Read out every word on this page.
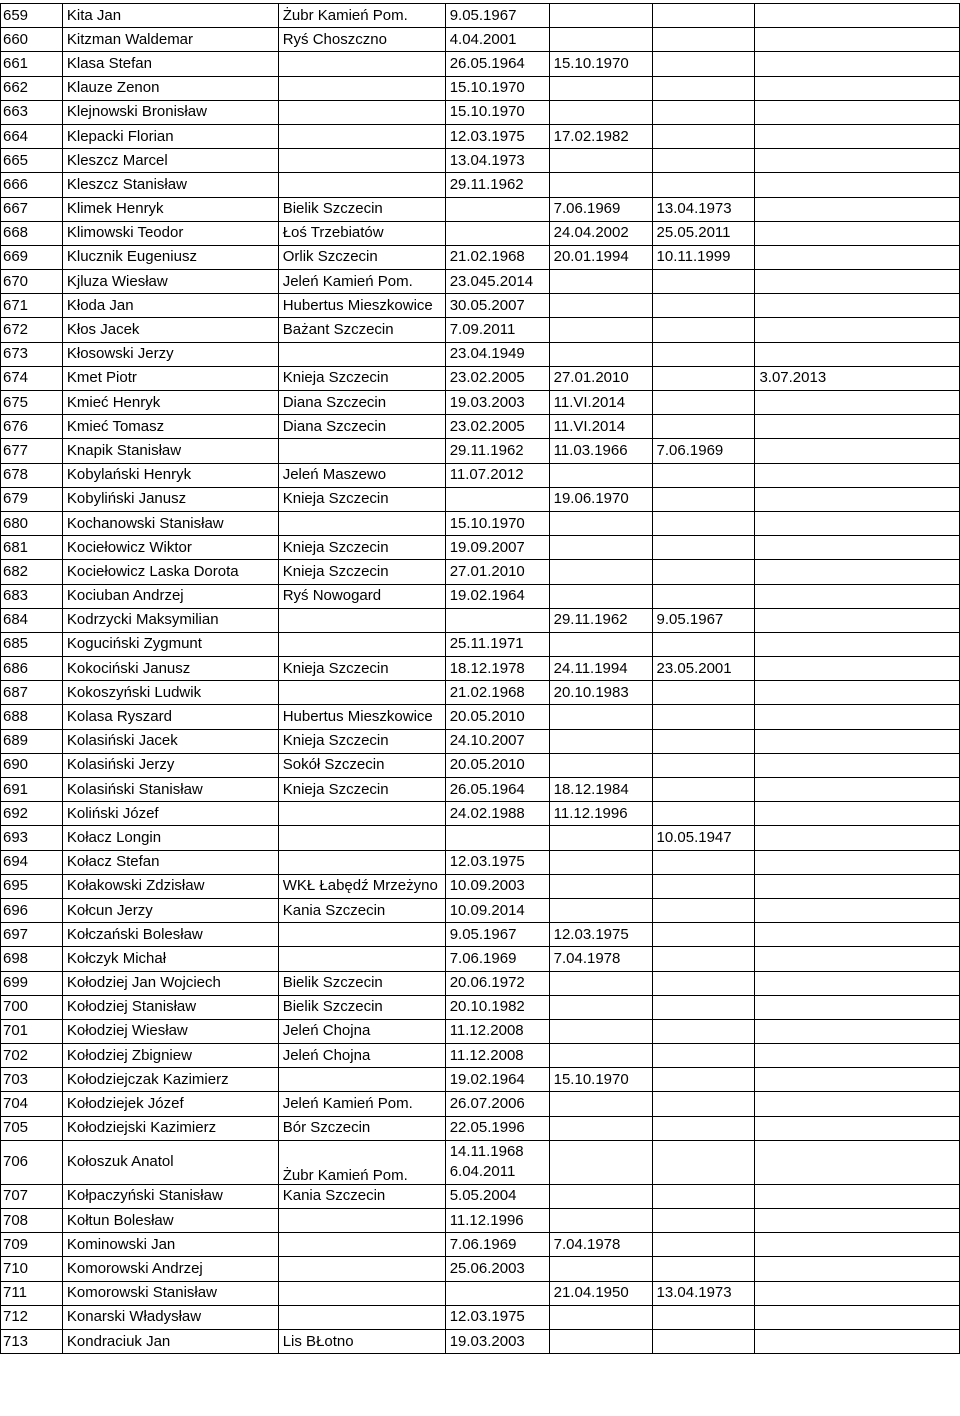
659	Kita Jan	Żubr Kamień Pom.	9.05.1967			
660	Kitzman Waldemar	Ryś Choszczno	4.04.2001			
661	Klasa Stefan		26.05.1964	15.10.1970		
662	Klauze Zenon		15.10.1970			
663	Klejnowski Bronisław		15.10.1970			
664	Klepacki Florian		12.03.1975	17.02.1982		
665	Kleszcz Marcel		13.04.1973			
666	Kleszcz Stanisław		29.11.1962			
667	Klimek Henryk	Bielik Szczecin		7.06.1969	13.04.1973	
668	Klimowski Teodor	Łoś Trzebiatów		24.04.2002	25.05.2011	
669	Klucznik Eugeniusz	Orlik Szczecin	21.02.1968	20.01.1994	10.11.1999	
670	Kjluza Wiesław	Jeleń Kamień Pom.	23.045.2014			
671	Kłoda Jan	Hubertus Mieszkowice	30.05.2007			
672	Kłos Jacek	Bażant Szczecin	7.09.2011			
673	Kłosowski Jerzy		23.04.1949			
674	Kmet Piotr	Knieja Szczecin	23.02.2005	27.01.2010		3.07.2013
675	Kmieć Henryk	Diana Szczecin	19.03.2003	11.VI.2014		
676	Kmieć Tomasz	Diana Szczecin	23.02.2005	11.VI.2014		
677	Knapik Stanisław		29.11.1962	11.03.1966	7.06.1969	
678	Kobylański Henryk	Jeleń Maszewo	11.07.2012			
679	Kobyliński Janusz	Knieja Szczecin		19.06.1970		
680	Kochanowski Stanisław		15.10.1970			
681	Kociełowicz Wiktor	Knieja Szczecin	19.09.2007			
682	Kociełowicz Laska Dorota	Knieja Szczecin	27.01.2010			
683	Kociuban Andrzej	Ryś Nowogard	19.02.1964			
684	Kodrzycki Maksymilian			29.11.1962	9.05.1967	
685	Koguciński Zygmunt		25.11.1971			
686	Kokociński Janusz	Knieja Szczecin	18.12.1978	24.11.1994	23.05.2001	
687	Kokoszyński Ludwik		21.02.1968	20.10.1983		
688	Kolasa Ryszard	Hubertus Mieszkowice	20.05.2010			
689	Kolasiński Jacek	Knieja Szczecin	24.10.2007			
690	Kolasiński Jerzy	Sokół Szczecin	20.05.2010			
691	Kolasiński Stanisław	Knieja Szczecin	26.05.1964	18.12.1984		
692	Koliński Józef		24.02.1988	11.12.1996		
693	Kołacz Longin				10.05.1947	
694	Kołacz Stefan		12.03.1975			
695	Kołakowski Zdzisław	WKŁ Łabędź Mrzeżyno	10.09.2003			
696	Kołcun Jerzy	Kania Szczecin	10.09.2014			
697	Kołczański Bolesław		9.05.1967	12.03.1975		
698	Kołczyk Michał		7.06.1969	7.04.1978		
699	Kołodziej Jan Wojciech	Bielik Szczecin	20.06.1972			
700	Kołodziej Stanisław	Bielik Szczecin	20.10.1982			
701	Kołodziej Wiesław	Jeleń Chojna	11.12.2008			
702	Kołodziej Zbigniew	Jeleń Chojna	11.12.2008			
703	Kołodziejczak Kazimierz		19.02.1964	15.10.1970		
704	Kołodziejek Józef	Jeleń Kamień Pom.	26.07.2006			
705	Kołodziejski Kazimierz	Bór Szczecin	22.05.1996			
706	Kołoszuk Anatol	Żubr Kamień Pom.	14.11.1968
6.04.2011			

707	Kołpaczyński Stanisław	Kania Szczecin	5.05.2004			
708	Kołtun Bolesław		11.12.1996			
709	Kominowski Jan		7.06.1969	7.04.1978		
710	Komorowski Andrzej		25.06.2003			
711	Komorowski Stanisław			21.04.1950	13.04.1973	
712	Konarski Władysław		12.03.1975			
713	Kondraciuk Jan	Lis BŁotno	19.03.2003			
